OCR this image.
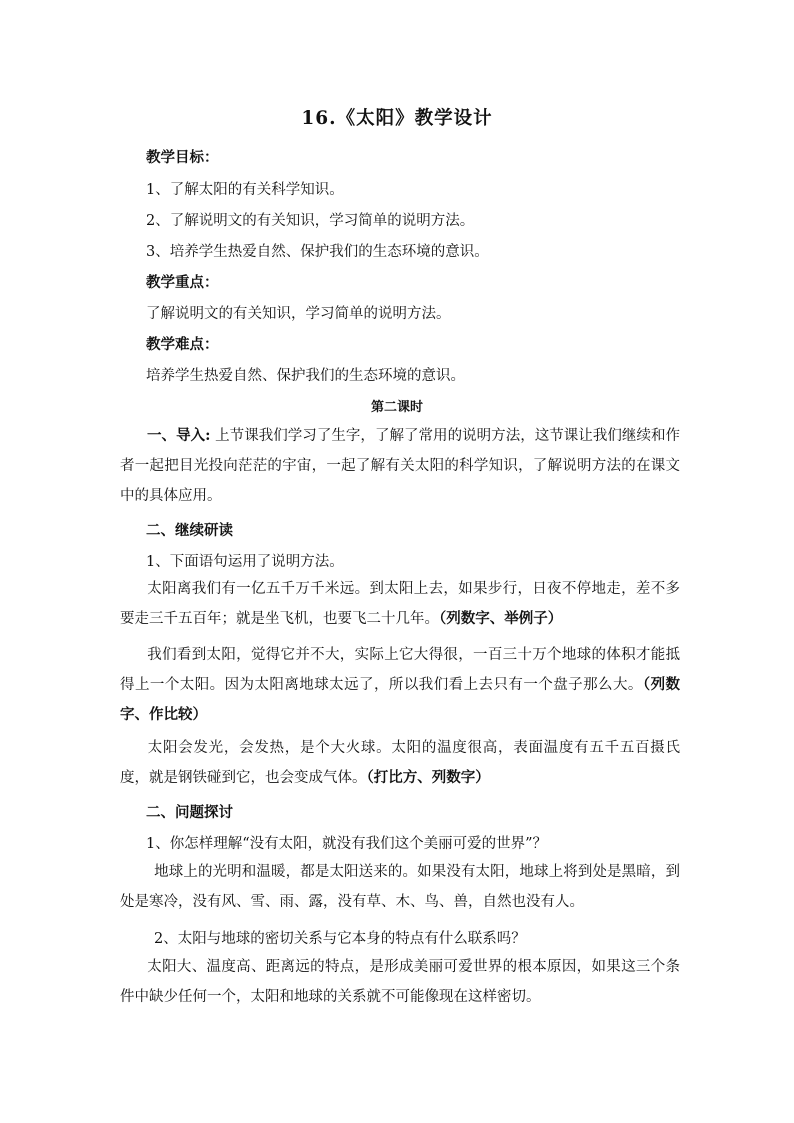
16.《太阳》教学设计
教学目标：
1、了解太阳的有关科学知识。
2、了解说明文的有关知识，学习简单的说明方法。
3、培养学生热爱自然、保护我们的生态环境的意识。
教学重点：
了解说明文的有关知识，学习简单的说明方法。
教学难点：
培养学生热爱自然、保护我们的生态环境的意识。
第二课时
一、导入: 上节课我们学习了生字，了解了常用的说明方法，这节课让我们继续和作者一起把目光投向茫茫的宇宙，一起了解有关太阳的科学知识，了解说明方法的在课文中的具体应用。
二、继续研读
1、下面语句运用了说明方法。
太阳离我们有一亿五千万千米远。到太阳上去，如果步行，日夜不停地走，差不多要走三千五百年；就是坐飞机，也要飞二十几年。（列数字、举例子）
我们看到太阳，觉得它并不大，实际上它大得很，一百三十万个地球的体积才能抵得上一个太阳。因为太阳离地球太远了，所以我们看上去只有一个盘子那么大。（列数字、作比较）
太阳会发光，会发热，是个大火球。太阳的温度很高，表面温度有五千五百摄氏度，就是钢铁碰到它，也会变成气体。（打比方、列数字）
二、问题探讨
1、你怎样理解“没有太阳，就没有我们这个美丽可爱的世界”？
地球上的光明和温暖，都是太阳送来的。如果没有太阳，地球上将到处是黑暗，到处是寒冷，没有风、雪、雨、露，没有草、木、鸟、兽，自然也没有人。
2、太阳与地球的密切关系与它本身的特点有什么联系吗？
太阳大、温度高、距离远的特点，是形成美丽可爱世界的根本原因，如果这三个条件中缺少任何一个，太阳和地球的关系就不可能像现在这样密切。
